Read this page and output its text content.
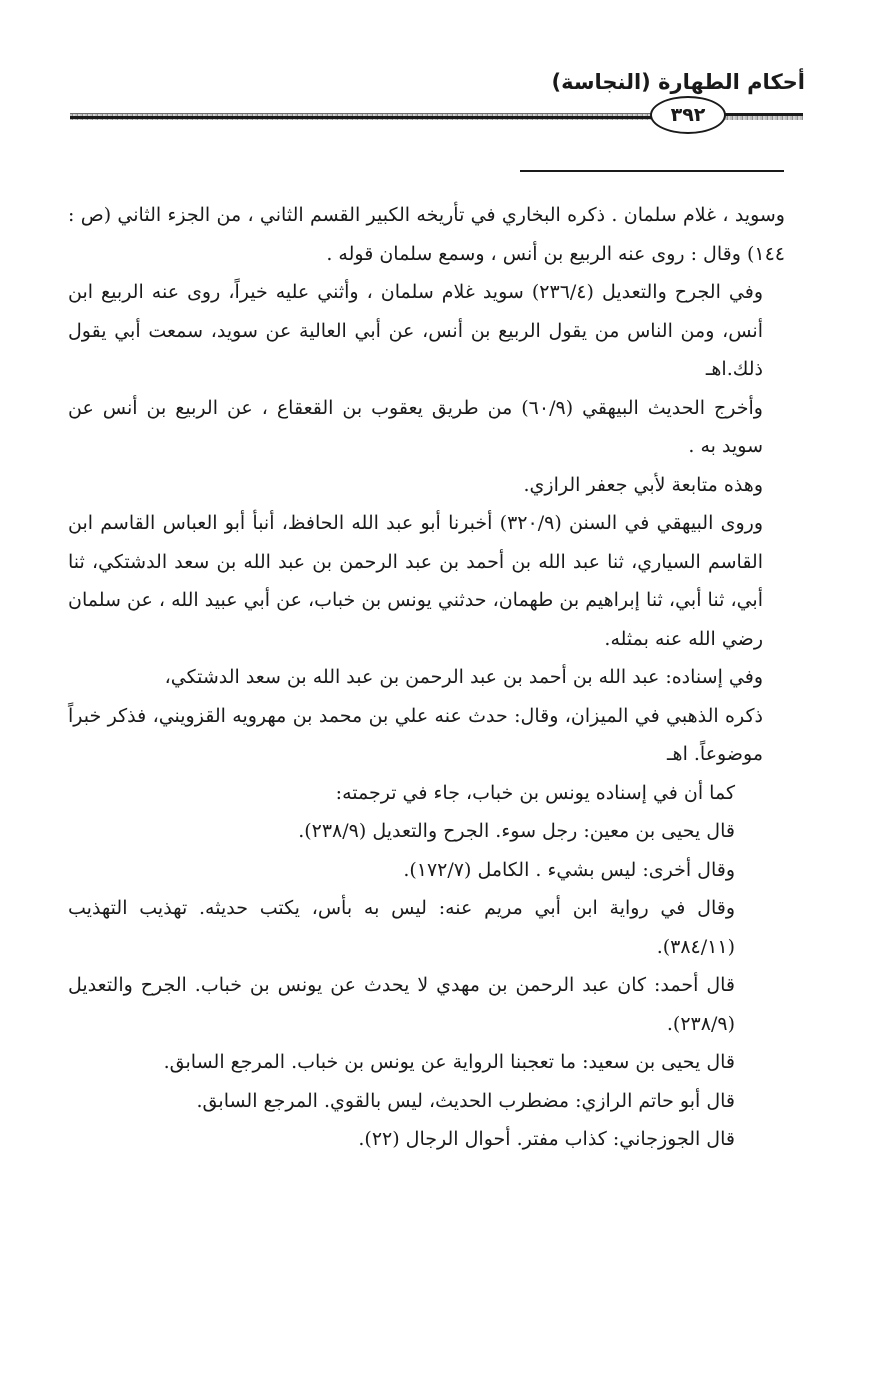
أحكام الطهارة (النجاسة)
٣٩٢

وسويد ، غلام سلمان . ذكره البخاري في تأريخه الكبير القسم الثاني ، من الجزء الثاني (ص : ١٤٤) وقال : روى عنه الربيع بن أنس ، وسمع سلمان قوله .

وفي الجرح والتعديل (٢٣٦/٤) سويد غلام سلمان ، وأثني عليه خيراً، روى عنه الربيع ابن أنس، ومن الناس من يقول الربيع بن أنس، عن أبي العالية عن سويد، سمعت أبي يقول ذلك.اهـ

وأخرج الحديث البيهقي (٦٠/٩) من طريق يعقوب بن القعقاع ، عن الربيع بن أنس عن سويد به .

وهذه متابعة لأبي جعفر الرازي.

وروى البيهقي في السنن (٣٢٠/٩) أخبرنا أبو عبد الله الحافظ، أنبأ أبو العباس القاسم ابن القاسم السياري، ثنا عبد الله بن أحمد بن عبد الرحمن بن عبد الله بن سعد الدشتكي، ثنا أبي، ثنا أبي، ثنا إبراهيم بن طهمان، حدثني يونس بن خباب، عن أبي عبيد الله ، عن سلمان رضي الله عنه بمثله.

وفي إسناده: عبد الله بن أحمد بن عبد الرحمن بن عبد الله بن سعد الدشتكي،

ذكره الذهبي في الميزان، وقال: حدث عنه علي بن محمد بن مهرويه القزويني، فذكر خبراً موضوعاً. اهـ

كما أن في إسناده يونس بن خباب، جاء في ترجمته:

قال يحيى بن معين: رجل سوء. الجرح والتعديل (٢٣٨/٩).

وقال أخرى: ليس بشيء . الكامل (١٧٢/٧).

وقال في رواية ابن أبي مريم عنه: ليس به بأس، يكتب حديثه. تهذيب التهذيب (٣٨٤/١١).

قال أحمد: كان عبد الرحمن بن مهدي لا يحدث عن يونس بن خباب. الجرح والتعديل (٢٣٨/٩).

قال يحيى بن سعيد: ما تعجبنا الرواية عن يونس بن خباب. المرجع السابق.

قال أبو حاتم الرازي: مضطرب الحديث، ليس بالقوي. المرجع السابق.

قال الجوزجاني: كذاب مفتر. أحوال الرجال (٢٢).
